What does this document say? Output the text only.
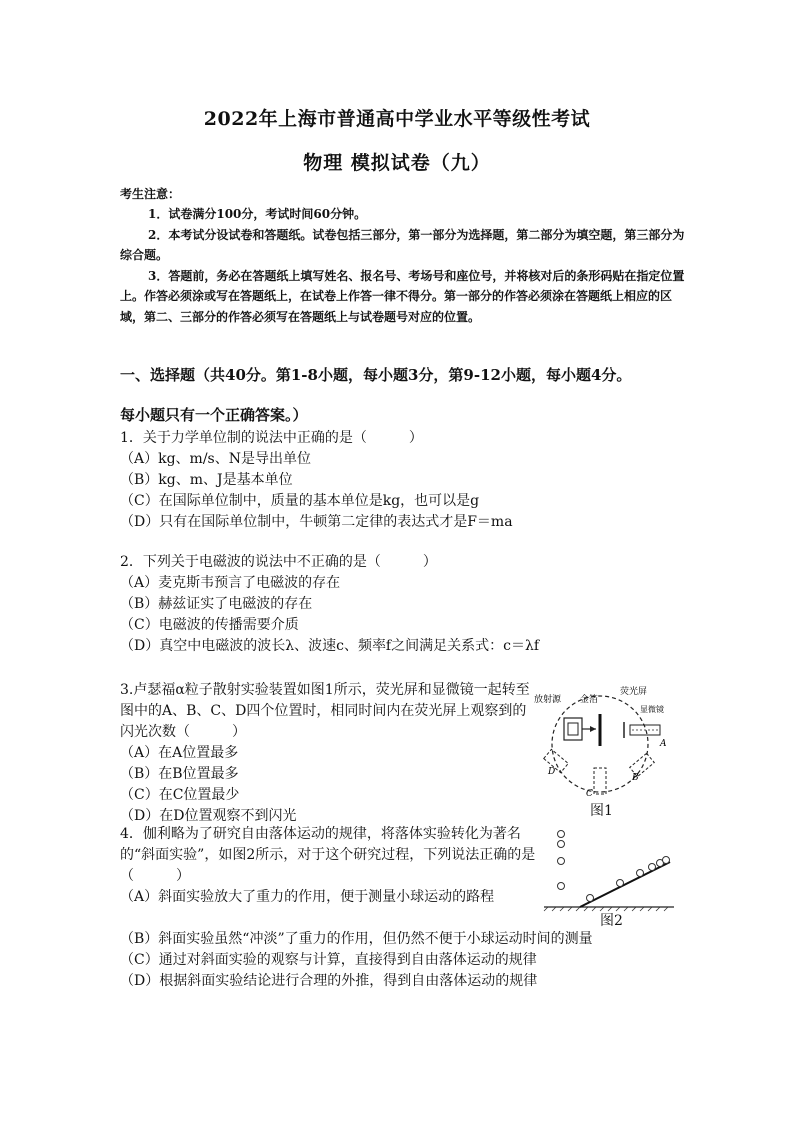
2022年上海市普通高中学业水平等级性考试
物理 模拟试卷（九）
考生注意：

1．试卷满分100分，考试时间60分钟。

2．本考试分设试卷和答题纸。试卷包括三部分，第一部分为选择题，第二部分为填空题，第三部分为综合题。

3．答题前，务必在答题纸上填写姓名、报名号、考场号和座位号，并将核对后的条形码贴在指定位置上。作答必须涂或写在答题纸上，在试卷上作答一律不得分。第一部分的作答必须涂在答题纸上相应的区域，第二、三部分的作答必须写在答题纸上与试卷题号对应的位置。

一、选择题（共40分。第1-8小题，每小题3分，第9-12小题，每小题4分。
每小题只有一个正确答案。）

1．关于力学单位制的说法中正确的是（　　　）

（A）kg、m/s、N是导出单位

（B）kg、m、J是基本单位

（C）在国际单位制中，质量的基本单位是kg，也可以是g

（D）只有在国际单位制中，牛顿第二定律的表达式才是F＝ma

2．下列关于电磁波的说法中不正确的是（　　　）

（A）麦克斯韦预言了电磁波的存在

（B）赫兹证实了电磁波的存在

（C）电磁波的传播需要介质

（D）真空中电磁波的波长λ、波速c、频率f之间满足关系式：c＝λf

3.卢瑟福α粒子散射实验装置如图1所示，荧光屏和显微镜一起转至图中的A、B、C、D四个位置时，相同时间内在荧光屏上观察到的闪光次数（　　　）

（A）在A位置最多

（B）在B位置最多

（C）在C位置最少

（D）在D位置观察不到闪光

放射源 金箔
荧光屏
显微镜
A
B
C
D
图1

4．伽利略为了研究自由落体运动的规律，将落体实验转化为著名的“斜面实验”，如图2所示，对于这个研究过程，下列说法正确的是（　　　）

（A）斜面实验放大了重力的作用，便于测量小球运动的路程

（B）斜面实验虽然“冲淡”了重力的作用，但仍然不便于小球运动时间的测量

（C）通过对斜面实验的观察与计算，直接得到自由落体运动的规律

（D）根据斜面实验结论进行合理的外推，得到自由落体运动的规律

图2
